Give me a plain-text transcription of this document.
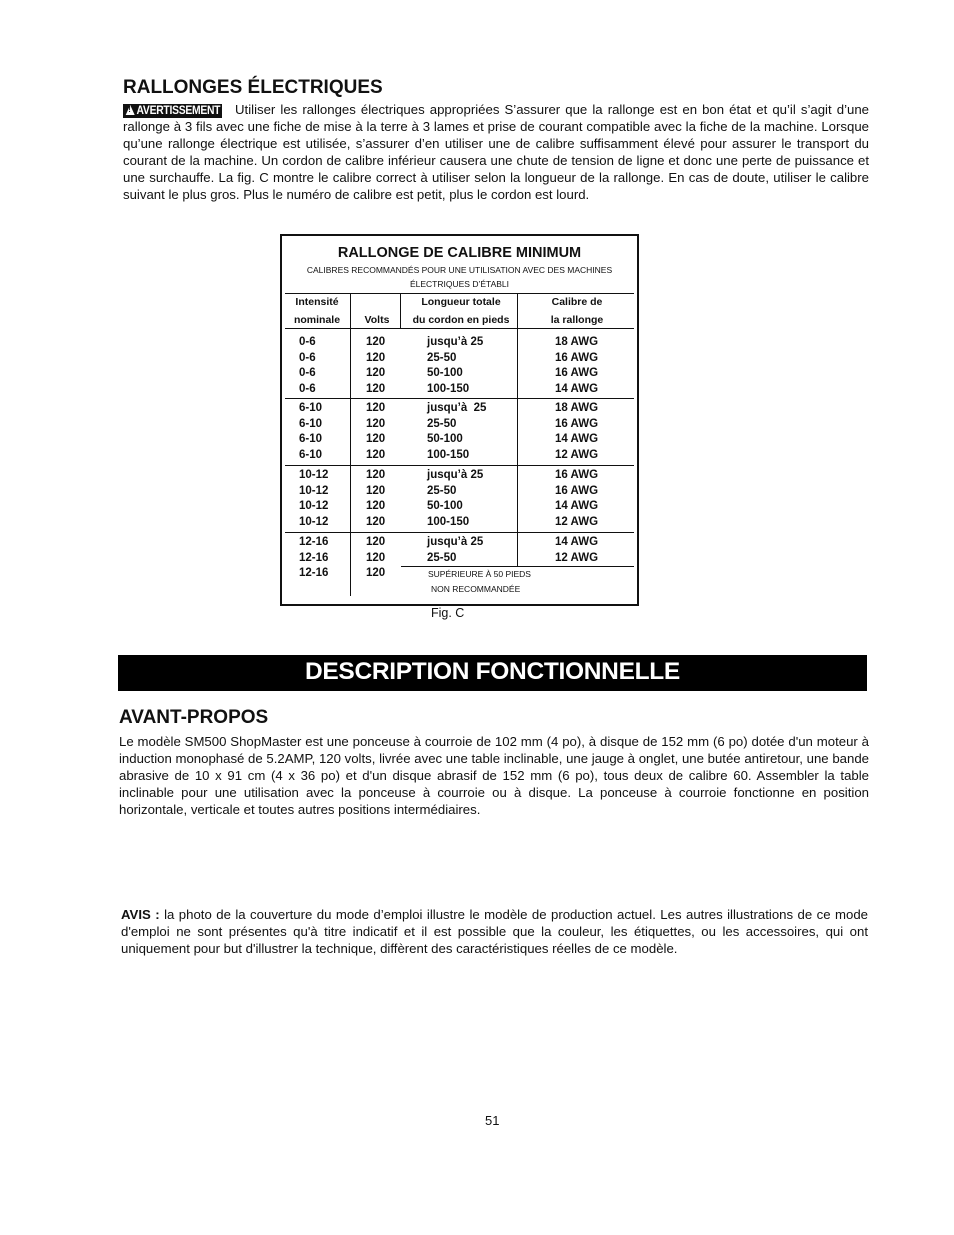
RALLONGES ÉLECTRIQUES
!AVERTISSEMENT Utiliser les rallonges électriques appropriées S’assurer que la rallonge est en bon état et qu’il s’agit d’une rallonge à 3 fils avec une fiche de mise à la terre à 3 lames et prise de courant compatible avec la fiche de la machine. Lorsque qu’une rallonge électrique est utilisée, s’assurer d’en utiliser une de calibre suffisamment élevé pour assurer le transport du courant de la machine. Un cordon de calibre inférieur causera une chute de tension de ligne et donc une perte de puissance et une surchauffe. La fig. C montre le calibre correct à utiliser selon la longueur de la rallonge. En cas de doute, utiliser le calibre suivant le plus gros. Plus le numéro de calibre est petit, plus le cordon est lourd.
RALLONGE DE CALIBRE MINIMUM
CALIBRES RECOMMANDÉS POUR UNE UTILISATION AVEC DES MACHINES
ÉLECTRIQUES D’ÉTABLI
Intensité
nominale	Volts
Longueur totale
du cordon en pieds
Calibre de
la rallonge
0-6
0-6
0-6
0-6
120
120
120
120
jusqu’à 25
25-50
50-100
100-150
18 AWG
16 AWG
16 AWG
14 AWG
6-10
6-10
6-10
6-10
120
120
120
120
jusqu’à  25
25-50
50-100
100-150
18 AWG
16 AWG
14 AWG
12 AWG
10-12
10-12
10-12
10-12
120
120
120
120
jusqu’à 25
25-50
50-100
100-150
16 AWG
16 AWG
14 AWG
12 AWG
12-16
12-16
12-16
120
120
120
jusqu’à 25
25-50
14 AWG
12 AWG
SUPÉRIEURE À 50 PIEDS
NON RECOMMANDÉE
Fig. C
DESCRIPTION FONCTIONNELLE
AVANT-PROPOS
Le modèle SM500 ShopMaster est une ponceuse à courroie de 102 mm (4 po), à disque de 152 mm (6 po) dotée d'un moteur à induction monophasé de 5.2AMP, 120 volts, livrée avec une table inclinable, une jauge à onglet, une butée antiretour, une bande abrasive de 10 x 91 cm (4 x 36 po) et d'un disque abrasif de 152 mm (6 po), tous deux de calibre 60. Assembler la table inclinable pour une utilisation avec la ponceuse à courroie ou à disque. La ponceuse à courroie fonctionne en position horizontale, verticale et toutes autres positions intermédiaires.
AVIS : la photo de la couverture du mode d’emploi illustre le modèle de production actuel. Les autres illustrations de ce mode d'emploi ne sont présentes qu'à titre indicatif et il est possible que la couleur, les étiquettes, ou les accessoires, qui ont uniquement pour but d'illustrer la technique, diffèrent des caractéristiques réelles de ce modèle.
51
